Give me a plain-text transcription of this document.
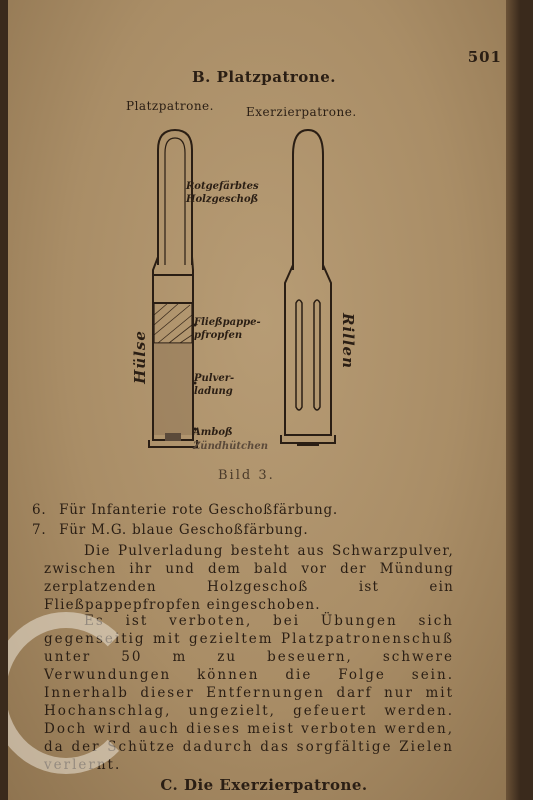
501
B. Platzpatrone.
Platzpatrone.	Exerzierpatrone.
Rotgefärbtes
Holzgeschoß
Fließpappe-
pfropfen
Pulver-
ladung
Amboß
Zündhütchen
Hülse	Rillen
Bild 3.
6. Für Infanterie rote Geschoßfärbung.
7. Für M.G. blaue Geschoßfärbung.
Die Pulverladung besteht aus Schwarzpulver, zwischen ihr und dem bald vor der Mündung zerplatzenden Holzgeschoß ist ein Fließpappepfropfen eingeschoben.
Es ist verboten, bei Übungen sich gegenseitig mit gezieltem Platzpatronenschuß unter 50 m zu beseuern, schwere Verwundungen können die Folge sein. Innerhalb dieser Entfernungen darf nur mit Hochanschlag, ungezielt, gefeuert werden. Doch wird auch dieses meist verboten werden, da der Schütze dadurch das sorgfältige Zielen verlernt.
C. Die Exerzierpatrone.
